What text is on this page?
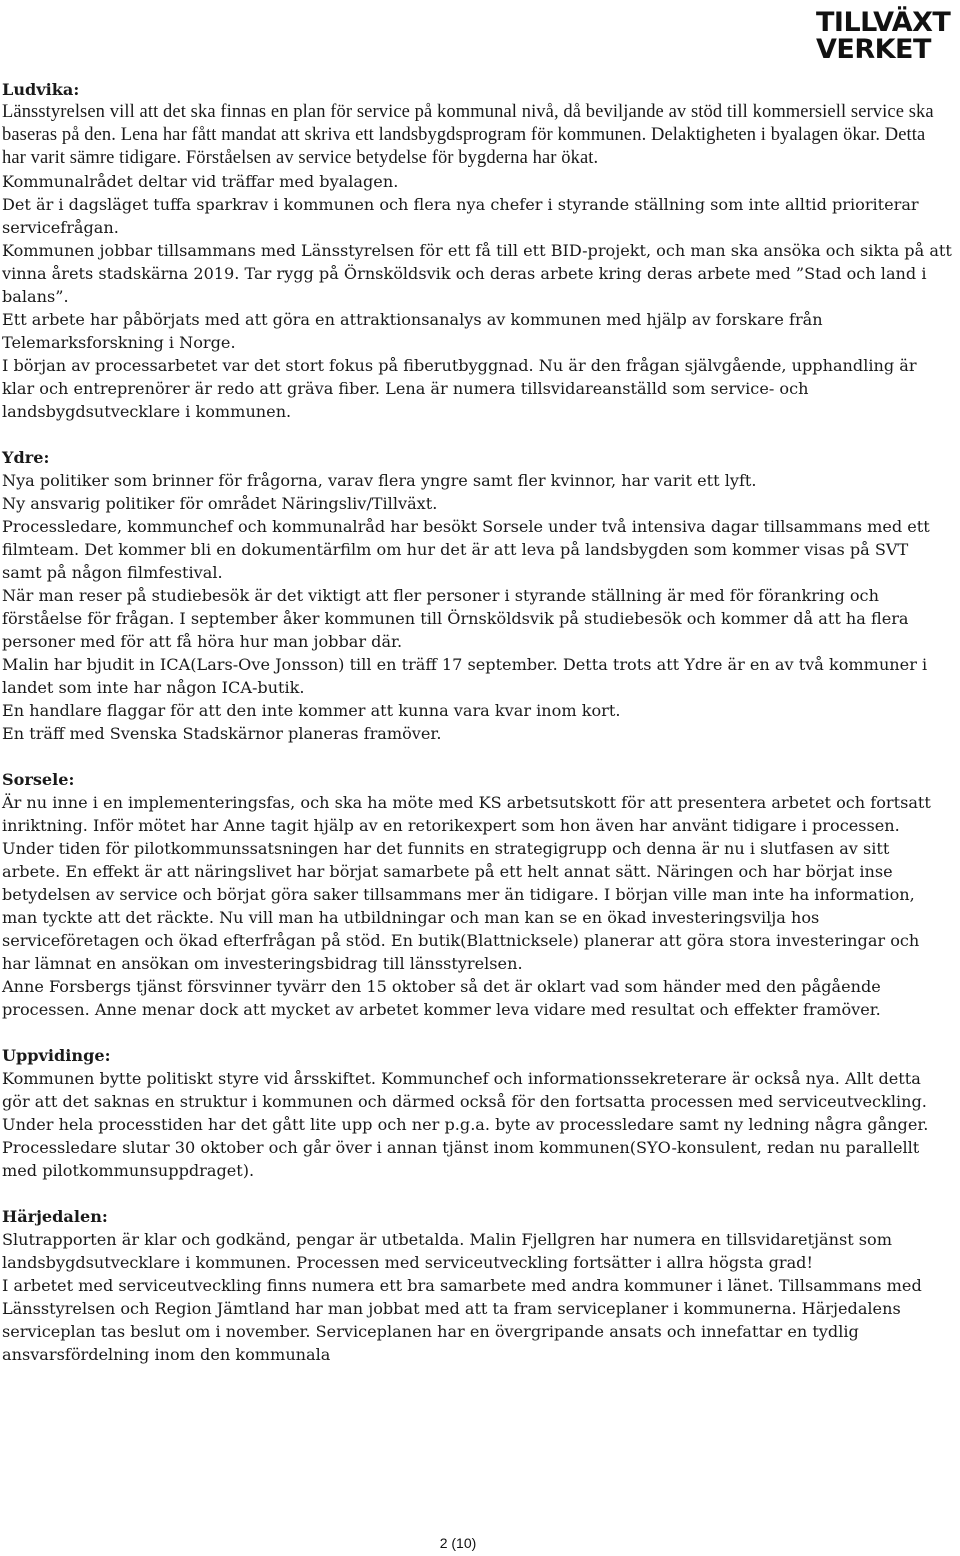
TILLVÄXT
VERKET
Ludvika:

Länsstyrelsen vill att det ska finnas en plan för service på kommunal nivå, då beviljande av stöd till kommersiell service ska baseras på den. Lena har fått mandat att skriva ett landsbygdsprogram för kommunen. Delaktigheten i byalagen ökar. Detta har varit sämre tidigare. Förståelsen av service betydelse för bygderna har ökat.

Kommunalrådet deltar vid träffar med byalagen.

Det är i dagsläget tuffa sparkrav i kommunen och flera nya chefer i styrande ställning som inte alltid prioriterar servicefrågan.

Kommunen jobbar tillsammans med Länsstyrelsen för ett få till ett BID-projekt, och man ska ansöka och sikta på att vinna årets stadskärna 2019. Tar rygg på Örnsköldsvik och deras arbete kring deras arbete med ”Stad och land i balans”.

Ett arbete har påbörjats med att göra en attraktionsanalys av kommunen med hjälp av forskare från Telemarksforskning i Norge.

I början av processarbetet var det stort fokus på fiberutbyggnad. Nu är den frågan självgående, upphandling är klar och entreprenörer är redo att gräva fiber. Lena är numera tillsvidareanställd som service- och landsbygdsutvecklare i kommunen.

Ydre:

Nya politiker som brinner för frågorna, varav flera yngre samt fler kvinnor, har varit ett lyft.

Ny ansvarig politiker för området Näringsliv/Tillväxt.

Processledare, kommunchef och kommunalråd har besökt Sorsele under två intensiva dagar tillsammans med ett filmteam. Det kommer bli en dokumentärfilm om hur det är att leva på landsbygden som kommer visas på SVT samt på någon filmfestival.

När man reser på studiebesök är det viktigt att fler personer i styrande ställning är med för förankring och förståelse för frågan. I september åker kommunen till Örnsköldsvik på studiebesök och kommer då att ha flera personer med för att få höra hur man jobbar där.

Malin har bjudit in ICA(Lars-Ove Jonsson) till en träff 17 september. Detta trots att Ydre är en av två kommuner i landet som inte har någon ICA-butik.

En handlare flaggar för att den inte kommer att kunna vara kvar inom kort.

En träff med Svenska Stadskärnor planeras framöver.

Sorsele:

Är nu inne i en implementeringsfas, och ska ha möte med KS arbetsutskott för att presentera arbetet och fortsatt inriktning. Inför mötet har Anne tagit hjälp av en retorikexpert som hon även har använt tidigare i processen.

Under tiden för pilotkommunssatsningen har det funnits en strategigrupp och denna är nu i slutfasen av sitt arbete. En effekt är att näringslivet har börjat samarbete på ett helt annat sätt. Näringen och har börjat inse betydelsen av service och börjat göra saker tillsammans mer än tidigare. I början ville man inte ha information, man tyckte att det räckte. Nu vill man ha utbildningar och man kan se en ökad investeringsvilja hos serviceföretagen och ökad efterfrågan på stöd. En butik(Blattnicksele) planerar att göra stora investeringar och har lämnat en ansökan om investeringsbidrag till länsstyrelsen.

Anne Forsbergs tjänst försvinner tyvärr den 15 oktober så det är oklart vad som händer med den pågående processen. Anne menar dock att mycket av arbetet kommer leva vidare med resultat och effekter framöver.

Uppvidinge:

Kommunen bytte politiskt styre vid årsskiftet. Kommunchef och informationssekreterare är också nya. Allt detta gör att det saknas en struktur i kommunen och därmed också för den fortsatta processen med serviceutveckling. Under hela processtiden har det gått lite upp och ner p.g.a. byte av processledare samt ny ledning några gånger. Processledare slutar 30 oktober och går över i annan tjänst inom kommunen(SYO-konsulent, redan nu parallellt med pilotkommunsuppdraget).

Härjedalen:

Slutrapporten är klar och godkänd, pengar är utbetalda. Malin Fjellgren har numera en tillsvidaretjänst som landsbygdsutvecklare i kommunen. Processen med serviceutveckling fortsätter i allra högsta grad!

I arbetet med serviceutveckling finns numera ett bra samarbete med andra kommuner i länet. Tillsammans med Länsstyrelsen och Region Jämtland har man jobbat med att ta fram serviceplaner i kommunerna. Härjedalens serviceplan tas beslut om i november. Serviceplanen har en övergripande ansats och innefattar en tydlig ansvarsfördelning inom den kommunala

2 (10)
